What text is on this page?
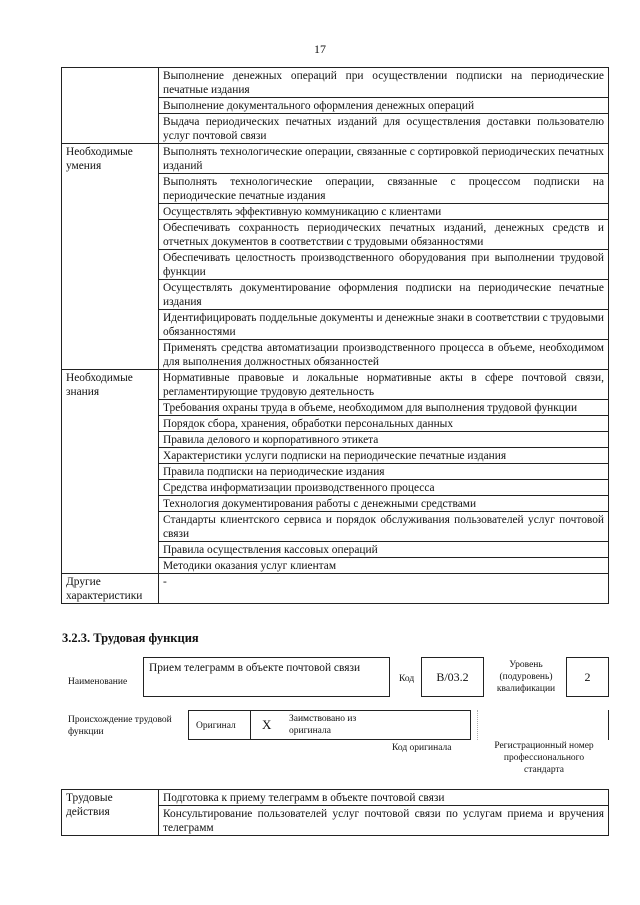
17
	Выполнение денежных операций при осуществлении подписки на периодические печатные издания
	Выполнение документального оформления денежных операций
	Выдача периодических печатных изданий для осуществления доставки пользователю услуг почтовой связи
Необходимые умения	Выполнять технологические операции, связанные с сортировкой периодических печатных изданий
	Выполнять технологические операции, связанные с процессом подписки на периодические печатные издания
	Осуществлять эффективную коммуникацию с клиентами
	Обеспечивать сохранность периодических печатных изданий, денежных средств и отчетных документов в соответствии с трудовыми обязанностями
	Обеспечивать целостность производственного оборудования при выполнении трудовой функции
	Осуществлять документирование оформления подписки на периодические печатные издания
	Идентифицировать поддельные документы и денежные знаки в соответствии с трудовыми обязанностями
	Применять средства автоматизации производственного процесса в объеме, необходимом для выполнения должностных обязанностей
Необходимые знания	Нормативные правовые и локальные нормативные акты в сфере почтовой связи, регламентирующие трудовую деятельность
	Требования охраны труда в объеме, необходимом для выполнения трудовой функции
	Порядок сбора, хранения, обработки персональных данных
	Правила делового и корпоративного этикета
	Характеристики услуги подписки на периодические печатные издания
	Правила подписки на периодические издания
	Средства информатизации производственного процесса
	Технология документирования работы с денежными средствами
	Стандарты клиентского сервиса и порядок обслуживания пользователей услуг почтовой связи
	Правила осуществления кассовых операций
	Методики оказания услуг клиентам
Другие характеристики	-
3.2.3. Трудовая функция
Наименование
Прием телеграмм в объекте почтовой связи
Код	В/03.2
Уровень (подуровень) квалификации
2
Происхождение трудовой функции
Оригинал X Заимствовано из оригинала
Код оригинала	Регистрационный номер профессионального стандарта
Трудовые действия	Подготовка к приему телеграмм в объекте почтовой связи
Консультирование пользователей услуг почтовой связи по услугам приема и вручения телеграмм
